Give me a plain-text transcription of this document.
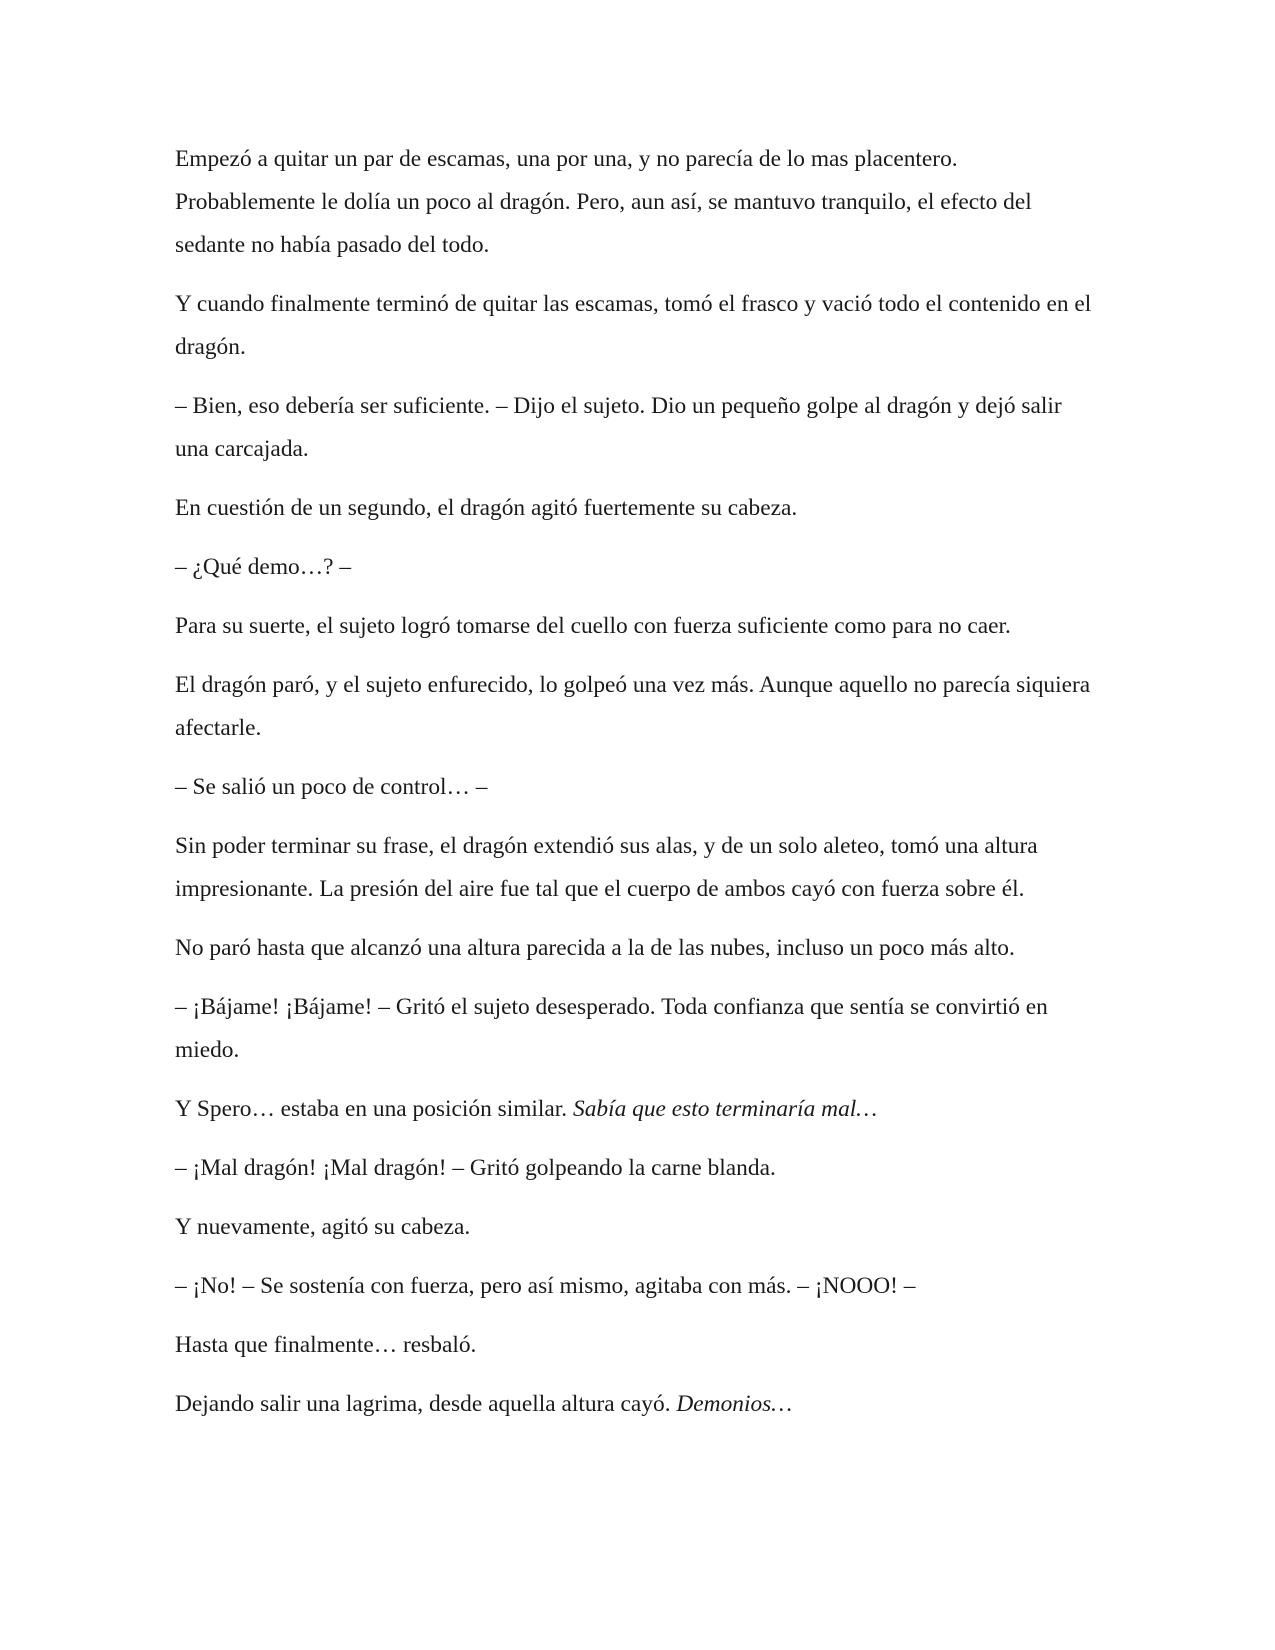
Empezó a quitar un par de escamas, una por una, y no parecía de lo mas placentero. Probablemente le dolía un poco al dragón. Pero, aun así, se mantuvo tranquilo, el efecto del sedante no había pasado del todo.

Y cuando finalmente terminó de quitar las escamas, tomó el frasco y vació todo el contenido en el dragón.

– Bien, eso debería ser suficiente. – Dijo el sujeto. Dio un pequeño golpe al dragón y dejó salir una carcajada.

En cuestión de un segundo, el dragón agitó fuertemente su cabeza.

– ¿Qué demo…? –

Para su suerte, el sujeto logró tomarse del cuello con fuerza suficiente como para no caer.

El dragón paró, y el sujeto enfurecido, lo golpeó una vez más. Aunque aquello no parecía siquiera afectarle.

– Se salió un poco de control… –

Sin poder terminar su frase, el dragón extendió sus alas, y de un solo aleteo, tomó una altura impresionante. La presión del aire fue tal que el cuerpo de ambos cayó con fuerza sobre él.

No paró hasta que alcanzó una altura parecida a la de las nubes, incluso un poco más alto.

– ¡Bájame! ¡Bájame! – Gritó el sujeto desesperado. Toda confianza que sentía se convirtió en miedo.

Y Spero… estaba en una posición similar. Sabía que esto terminaría mal…

– ¡Mal dragón! ¡Mal dragón! – Gritó golpeando la carne blanda.

Y nuevamente, agitó su cabeza.

– ¡No! – Se sostenía con fuerza, pero así mismo, agitaba con más. – ¡NOOO! –

Hasta que finalmente… resbaló.

Dejando salir una lagrima, desde aquella altura cayó. Demonios…
